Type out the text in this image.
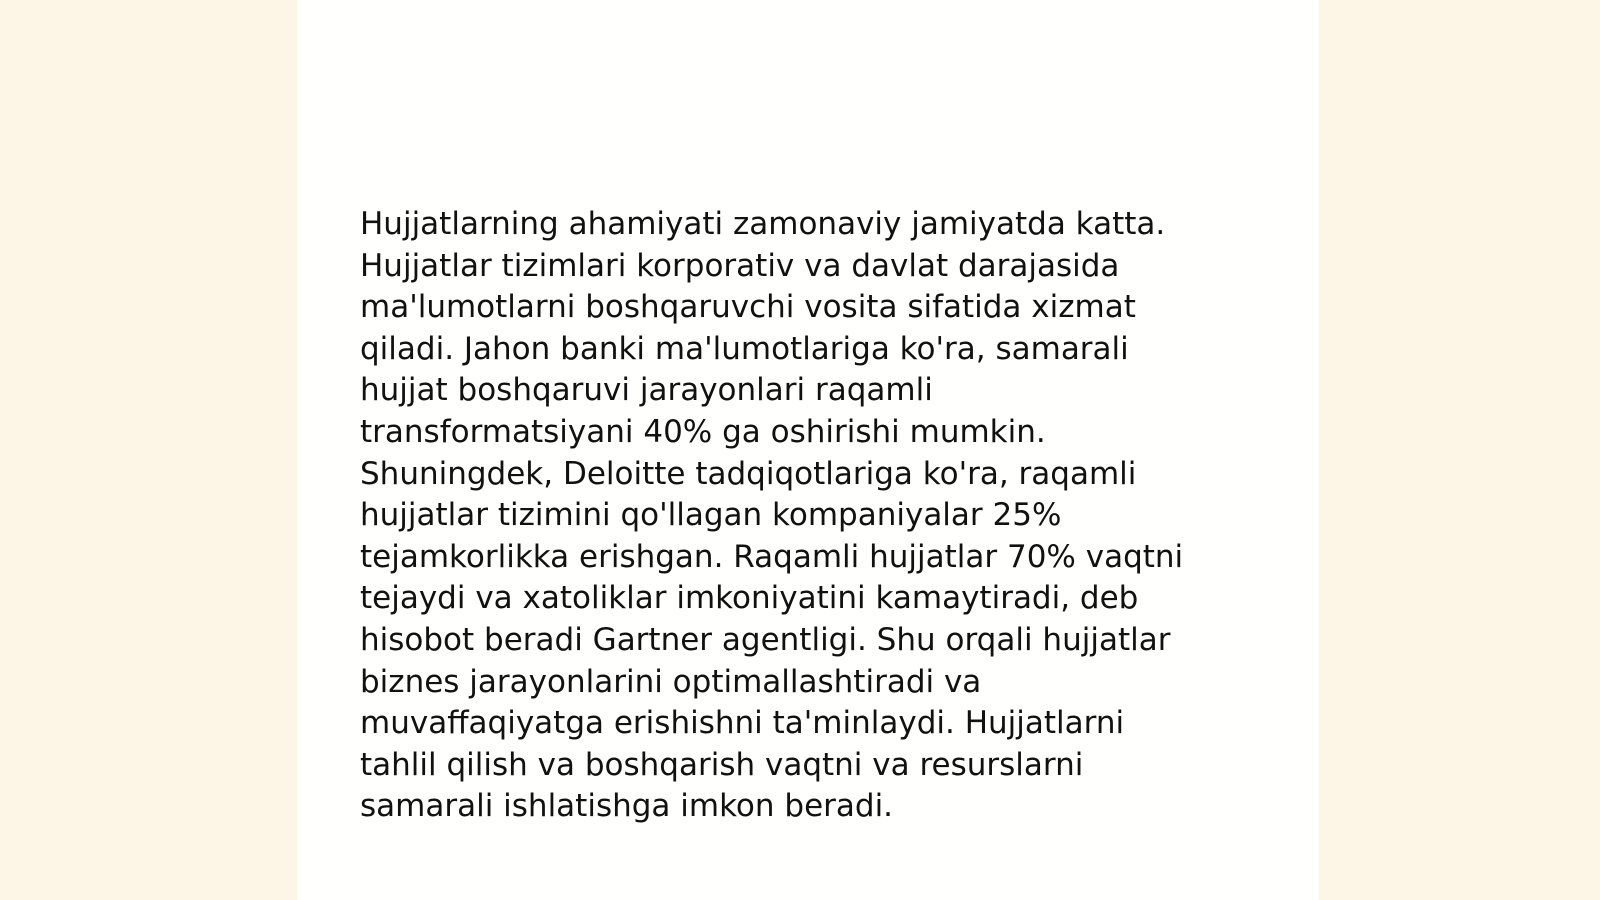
Hujjatlarning ahamiyati zamonaviy jamiyatda katta.
Hujjatlar tizimlari korporativ va davlat darajasida
ma'lumotlarni boshqaruvchi vosita sifatida xizmat
qiladi. Jahon banki ma'lumotlariga ko'ra, samarali
hujjat boshqaruvi jarayonlari raqamli
transformatsiyani 40% ga oshirishi mumkin.
Shuningdek, Deloitte tadqiqotlariga ko'ra, raqamli
hujjatlar tizimini qo'llagan kompaniyalar 25%
tejamkorlikka erishgan. Raqamli hujjatlar 70% vaqtni
tejaydi va xatoliklar imkoniyatini kamaytiradi, deb
hisobot beradi Gartner agentligi. Shu orqali hujjatlar
biznes jarayonlarini optimallashtiradi va
muvaffaqiyatga erishishni ta'minlaydi. Hujjatlarni
tahlil qilish va boshqarish vaqtni va resurslarni
samarali ishlatishga imkon beradi.
